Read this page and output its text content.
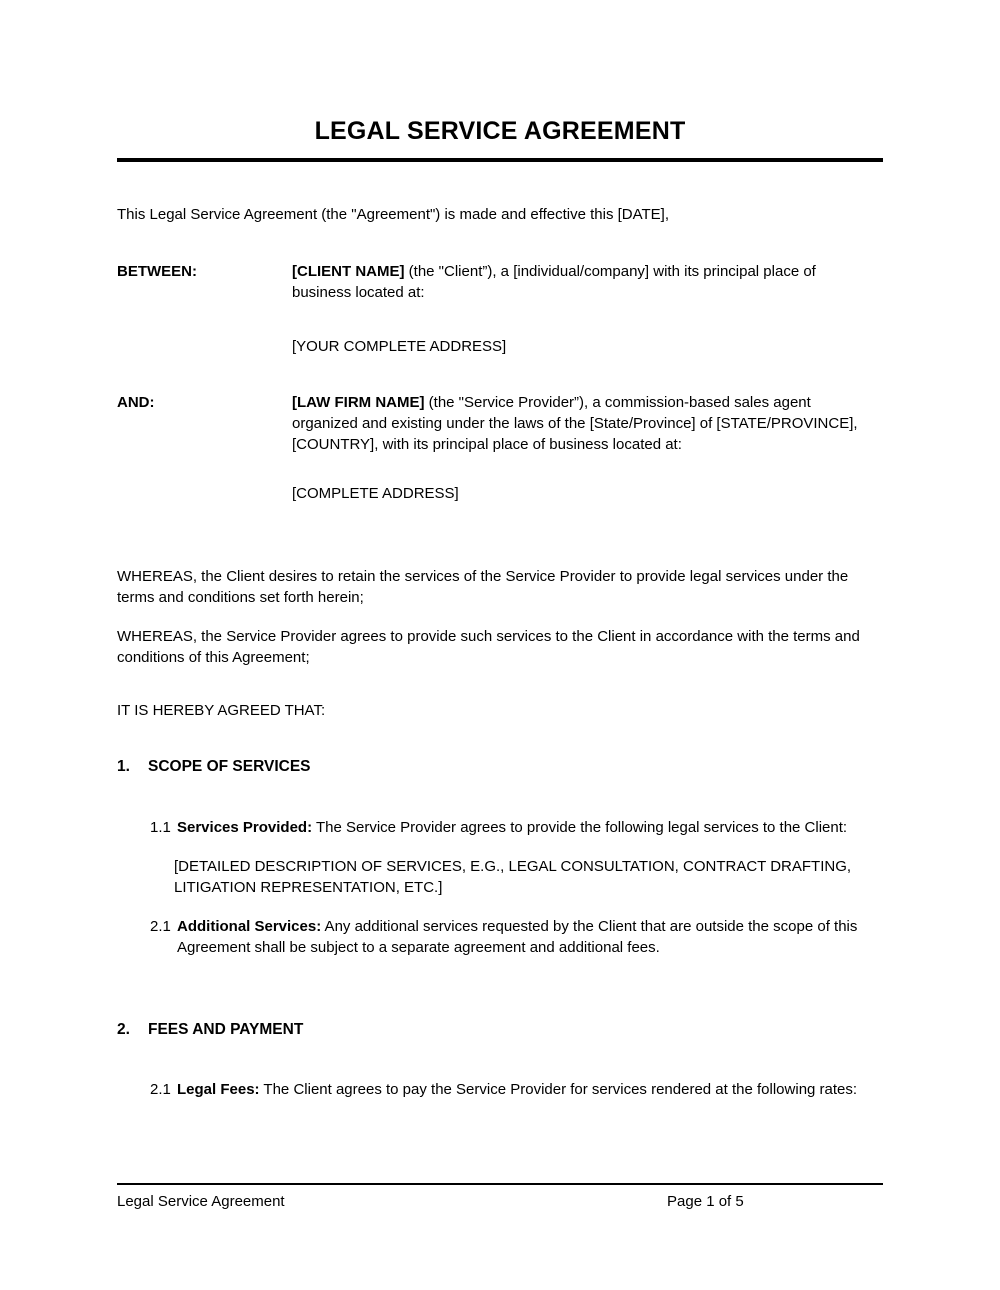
LEGAL SERVICE AGREEMENT

This Legal Service Agreement (the "Agreement") is made and effective this [DATE],

BETWEEN:	[CLIENT NAME] (the "Client”), a [individual/company] with its principal place of business located at:
[YOUR COMPLETE ADDRESS]
AND:	[LAW FIRM NAME] (the "Service Provider”), a commission-based sales agent organized and existing under the laws of the [State/Province] of [STATE/PROVINCE], [COUNTRY], with its principal place of business located at:
[COMPLETE ADDRESS]

WHEREAS, the Client desires to retain the services of the Service Provider to provide legal services under the terms and conditions set forth herein;

WHEREAS, the Service Provider agrees to provide such services to the Client in accordance with the terms and conditions of this Agreement;

IT IS HEREBY AGREED THAT:

1.	SCOPE OF SERVICES
1.1 Services Provided: The Service Provider agrees to provide the following legal services to the Client:
[DETAILED DESCRIPTION OF SERVICES, E.G., LEGAL CONSULTATION, CONTRACT DRAFTING, LITIGATION REPRESENTATION, ETC.]
2.1 Additional Services: Any additional services requested by the Client that are outside the scope of this Agreement shall be subject to a separate agreement and additional fees.
2.	FEES AND PAYMENT
2.1 Legal Fees: The Client agrees to pay the Service Provider for services rendered at the following rates:
Legal Service Agreement	Page 1 of 5
